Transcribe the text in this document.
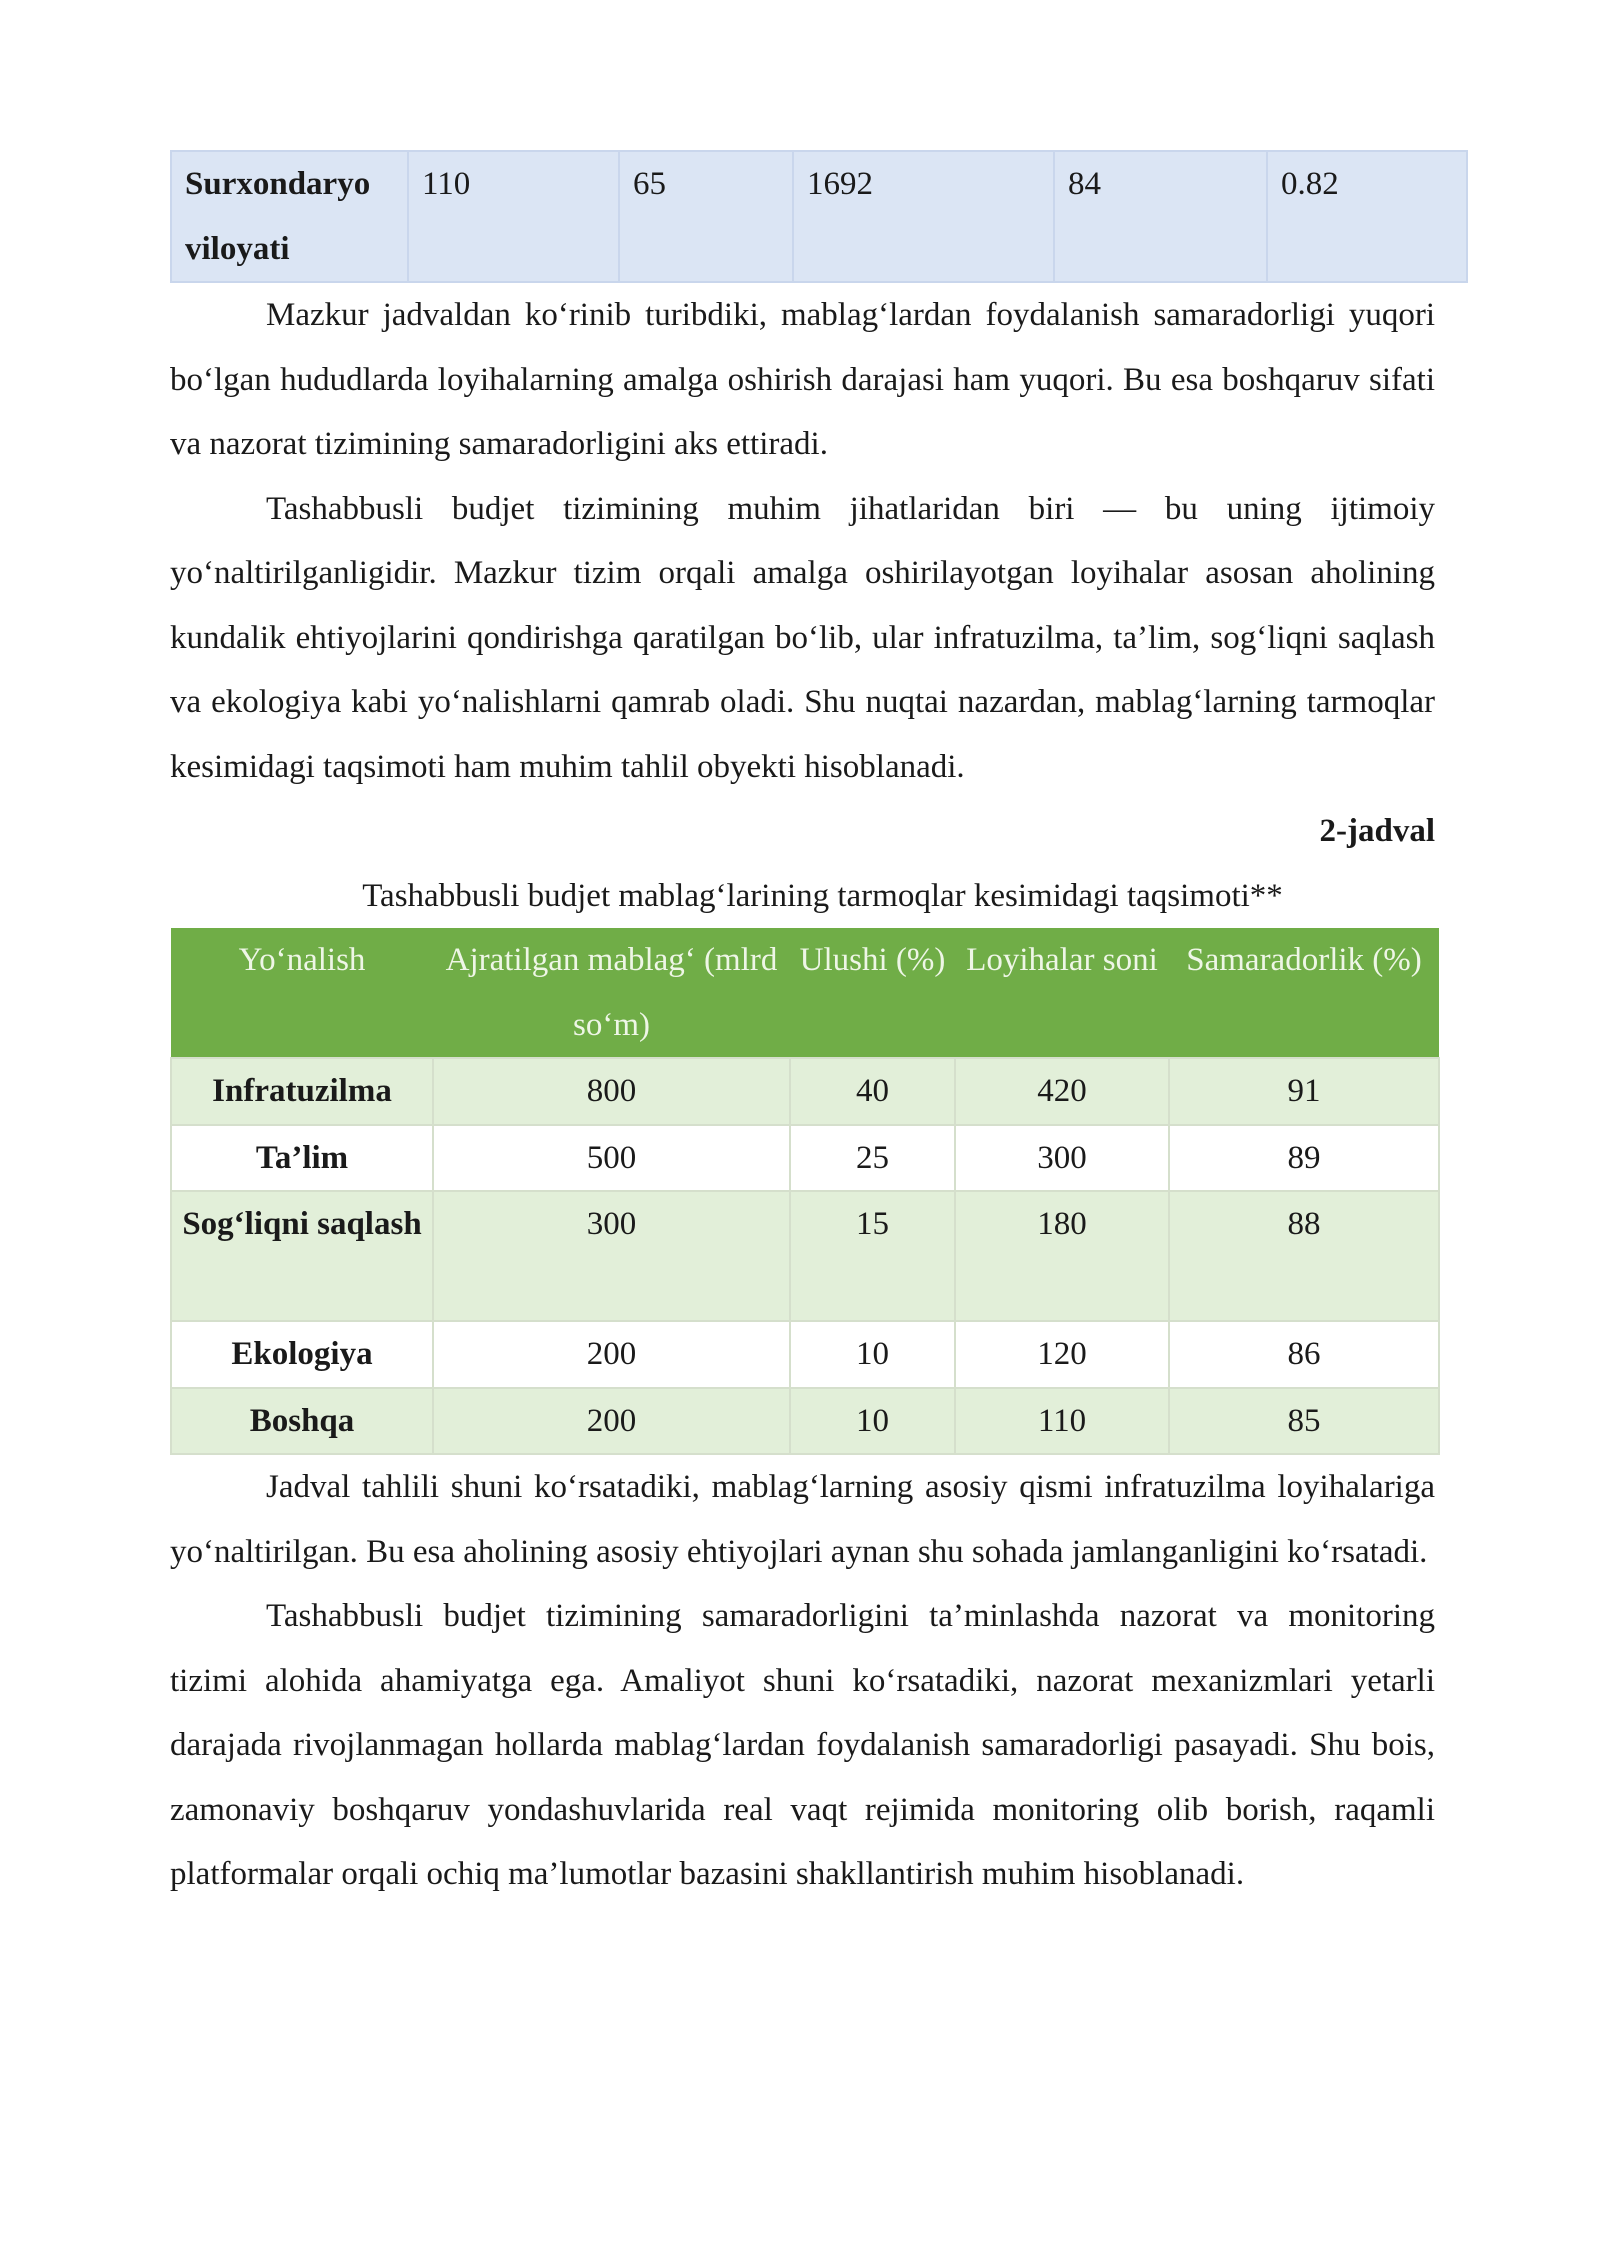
Surxondaryo viloyati	110	65	1692	84	0.82

Mazkur jadvaldan ko‘rinib turibdiki, mablag‘lardan foydalanish samaradorligi yuqori bo‘lgan hududlarda loyihalarning amalga oshirish darajasi ham yuqori. Bu esa boshqaruv sifati va nazorat tizimining samaradorligini aks ettiradi.

Tashabbusli budjet tizimining muhim jihatlaridan biri — bu uning ijtimoiy yo‘naltirilganligidir. Mazkur tizim orqali amalga oshirilayotgan loyihalar asosan aholining kundalik ehtiyojlarini qondirishga qaratilgan bo‘lib, ular infratuzilma, ta’lim, sog‘liqni saqlash va ekologiya kabi yo‘nalishlarni qamrab oladi. Shu nuqtai nazardan, mablag‘larning tarmoqlar kesimidagi taqsimoti ham muhim tahlil obyekti hisoblanadi.

2-jadval

Tashabbusli budjet mablag‘larining tarmoqlar kesimidagi taqsimoti**

Yo‘nalish	Ajratilgan mablag‘ (mlrd so‘m)	Ulushi (%)	Loyihalar soni	Samaradorlik (%)
Infratuzilma	800	40	420	91
Ta’lim	500	25	300	89
Sog‘liqni saqlash	300	15	180	88
Ekologiya	200	10	120	86
Boshqa	200	10	110	85

Jadval tahlili shuni ko‘rsatadiki, mablag‘larning asosiy qismi infratuzilma loyihalariga yo‘naltirilgan. Bu esa aholining asosiy ehtiyojlari aynan shu sohada jamlanganligini ko‘rsatadi.

Tashabbusli budjet tizimining samaradorligini ta’minlashda nazorat va monitoring tizimi alohida ahamiyatga ega. Amaliyot shuni ko‘rsatadiki, nazorat mexanizmlari yetarli darajada rivojlanmagan hollarda mablag‘lardan foydalanish samaradorligi pasayadi. Shu bois, zamonaviy boshqaruv yondashuvlarida real vaqt rejimida monitoring olib borish, raqamli platformalar orqali ochiq ma’lumotlar bazasini shakllantirish muhim hisoblanadi.
